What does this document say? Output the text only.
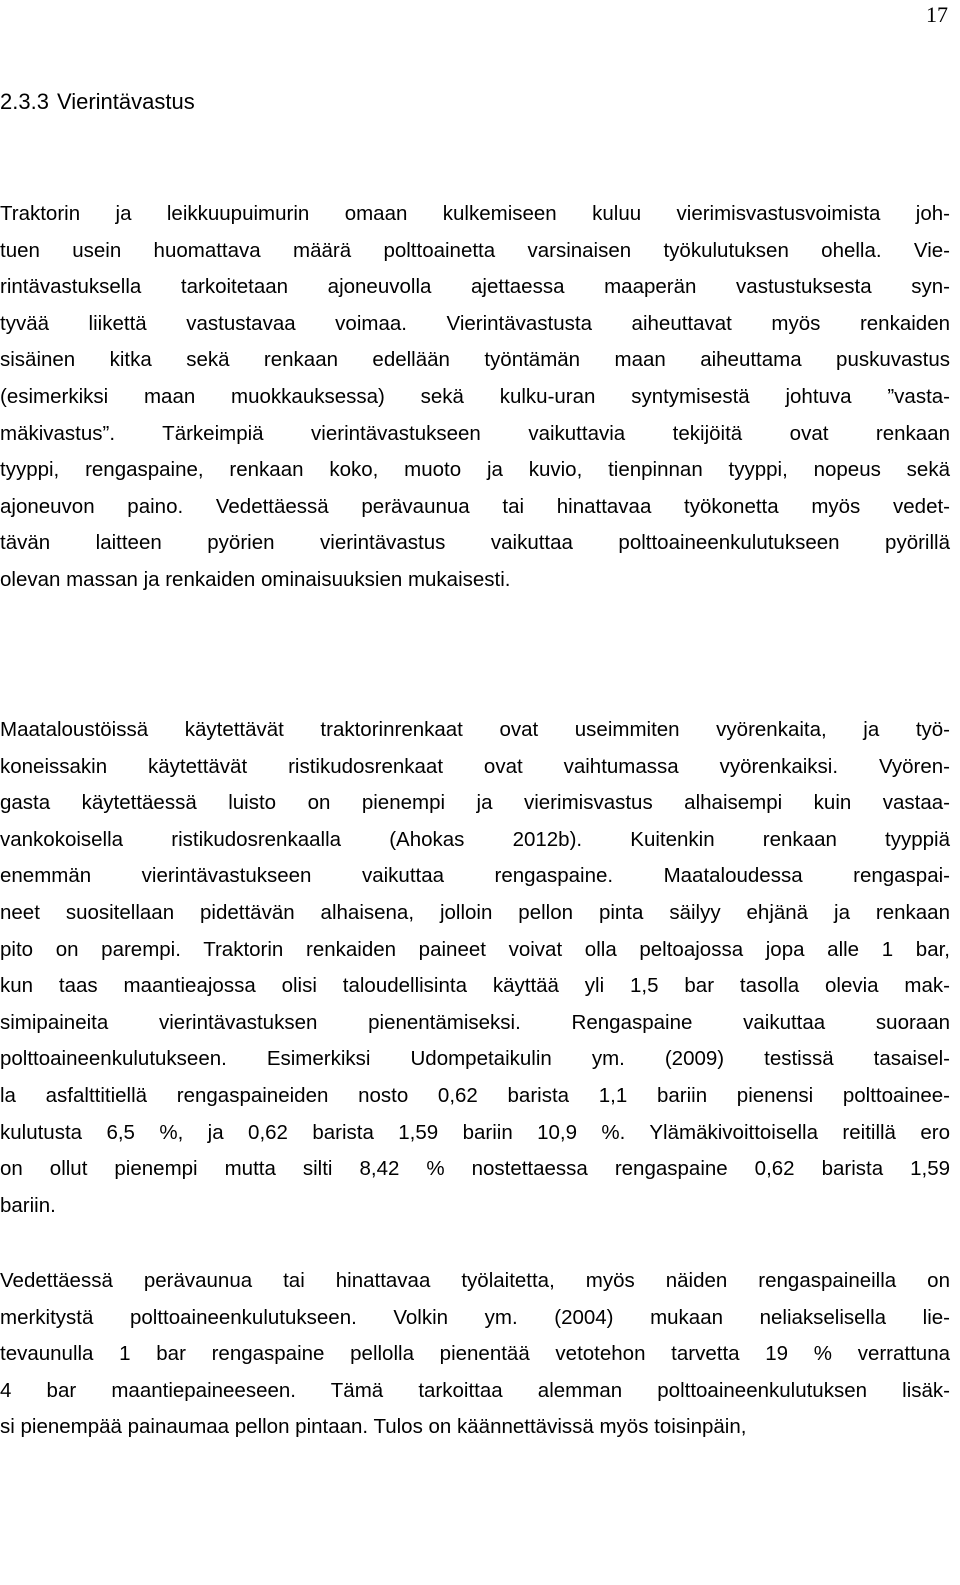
17
2.3.3 Vierintävastus
Traktorin ja leikkuupuimurin omaan kulkemiseen kuluu vierimisvastusvoimista joh-
tuen usein huomattava määrä polttoainetta varsinaisen työkulutuksen ohella. Vie-
rintävastuksella tarkoitetaan ajoneuvolla ajettaessa maaperän vastustuksesta syn-
tyvää liikettä vastustavaa voimaa. Vierintävastusta aiheuttavat myös renkaiden
sisäinen kitka sekä renkaan edellään työntämän maan aiheuttama puskuvastus
(esimerkiksi maan muokkauksessa) sekä kulku-uran syntymisestä johtuva ”vasta-
mäkivastus”. Tärkeimpiä vierintävastukseen vaikuttavia tekijöitä ovat renkaan
tyyppi, rengaspaine, renkaan koko, muoto ja kuvio, tienpinnan tyyppi, nopeus sekä
ajoneuvon paino. Vedettäessä perävaunua tai hinattavaa työkonetta myös vedet-
tävän laitteen pyörien vierintävastus vaikuttaa polttoaineenkulutukseen pyörillä
olevan massan ja renkaiden ominaisuuksien mukaisesti.
Maataloustöissä käytettävät traktorinrenkaat ovat useimmiten vyörenkaita, ja työ-
koneissakin käytettävät ristikudosrenkaat ovat vaihtumassa vyörenkaiksi. Vyören-
gasta käytettäessä luisto on pienempi ja vierimisvastus alhaisempi kuin vastaa-
vankokoisella ristikudosrenkaalla (Ahokas 2012b). Kuitenkin renkaan tyyppiä
enemmän vierintävastukseen vaikuttaa rengaspaine. Maataloudessa rengaspai-
neet suositellaan pidettävän alhaisena, jolloin pellon pinta säilyy ehjänä ja renkaan
pito on parempi. Traktorin renkaiden paineet voivat olla peltoajossa jopa alle 1 bar,
kun taas maantieajossa olisi taloudellisinta käyttää yli 1,5 bar tasolla olevia mak-
simipaineita vierintävastuksen pienentämiseksi. Rengaspaine vaikuttaa suoraan
polttoaineenkulutukseen. Esimerkiksi Udompetaikulin ym. (2009) testissä tasaisel-
la asfalttitiellä rengaspaineiden nosto 0,62 barista 1,1 bariin pienensi polttoainee-
kulutusta 6,5 %, ja 0,62 barista 1,59 bariin 10,9 %. Ylämäkivoittoisella reitillä ero
on ollut pienempi mutta silti 8,42 % nostettaessa rengaspaine 0,62 barista 1,59
bariin.
Vedettäessä perävaunua tai hinattavaa työlaitetta, myös näiden rengaspaineilla on
merkitystä polttoaineenkulutukseen. Volkin ym. (2004) mukaan neliakselisella lie-
tevaunulla 1 bar rengaspaine pellolla pienentää vetotehon tarvetta 19 % verrattuna
4 bar maantiepaineeseen. Tämä tarkoittaa alemman polttoaineenkulutuksen lisäk-
si pienempää painaumaa pellon pintaan. Tulos on käännettävissä myös toisinpäin,
